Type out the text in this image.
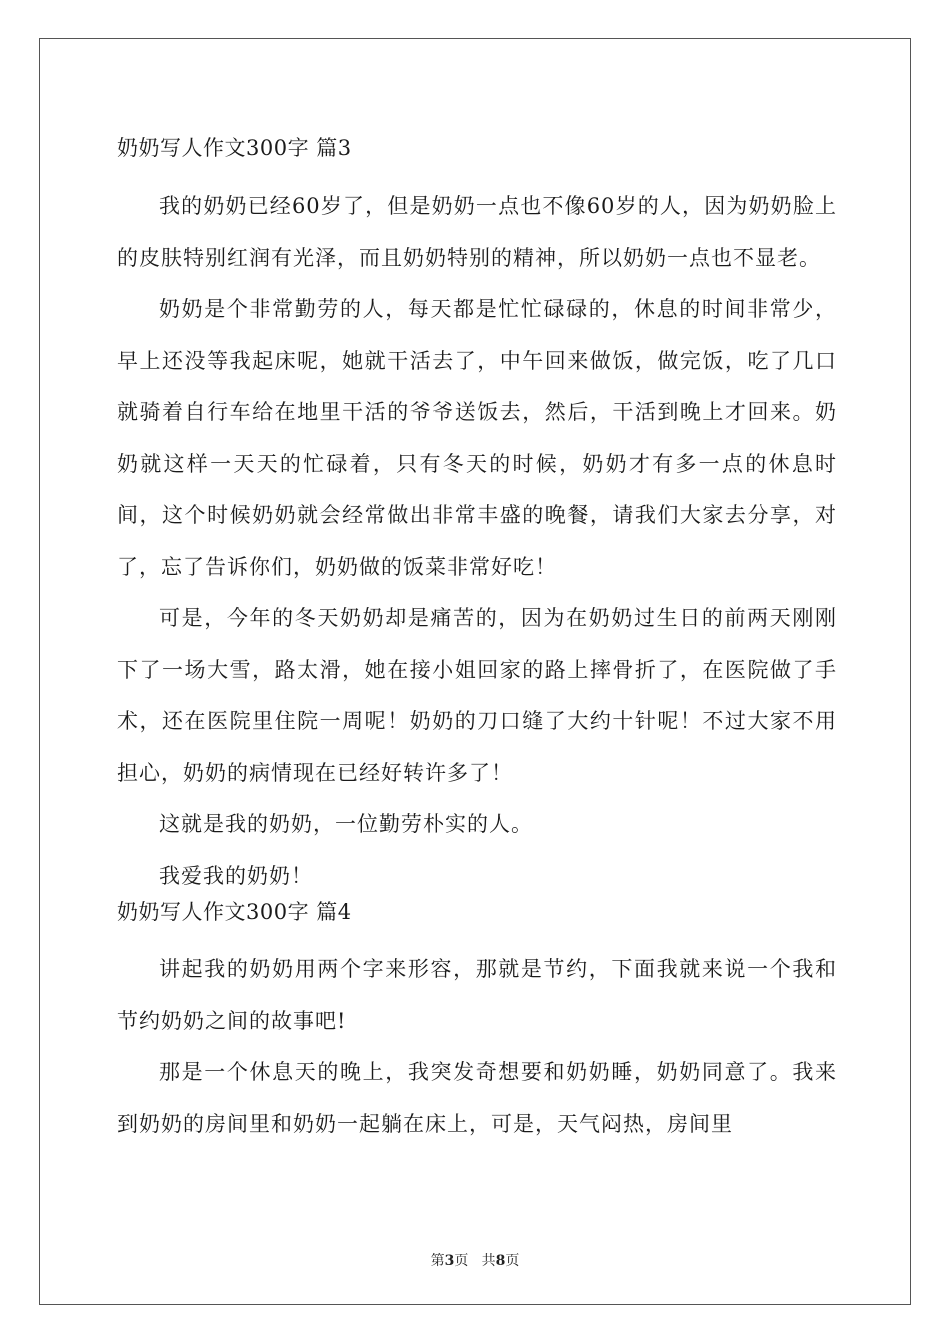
奶奶写人作文300字 篇3

我的奶奶已经60岁了，但是奶奶一点也不像60岁的人，因为奶奶脸上的皮肤特别红润有光泽，而且奶奶特别的精神，所以奶奶一点也不显老。

奶奶是个非常勤劳的人，每天都是忙忙碌碌的，休息的时间非常少，早上还没等我起床呢，她就干活去了，中午回来做饭，做完饭，吃了几口就骑着自行车给在地里干活的爷爷送饭去，然后，干活到晚上才回来。奶奶就这样一天天的忙碌着，只有冬天的时候，奶奶才有多一点的休息时间，这个时候奶奶就会经常做出非常丰盛的晚餐，请我们大家去分享，对了，忘了告诉你们，奶奶做的饭菜非常好吃！

可是，今年的冬天奶奶却是痛苦的，因为在奶奶过生日的前两天刚刚下了一场大雪，路太滑，她在接小姐回家的路上摔骨折了，在医院做了手术，还在医院里住院一周呢！奶奶的刀口缝了大约十针呢！不过大家不用担心，奶奶的病情现在已经好转许多了！

这就是我的奶奶，一位勤劳朴实的人。

我爱我的奶奶！

奶奶写人作文300字 篇4

讲起我的奶奶用两个字来形容，那就是节约，下面我就来说一个我和节约奶奶之间的故事吧!

那是一个休息天的晚上，我突发奇想要和奶奶睡，奶奶同意了。我来到奶奶的房间里和奶奶一起躺在床上，可是，天气闷热，房间里

第3页 共8页
